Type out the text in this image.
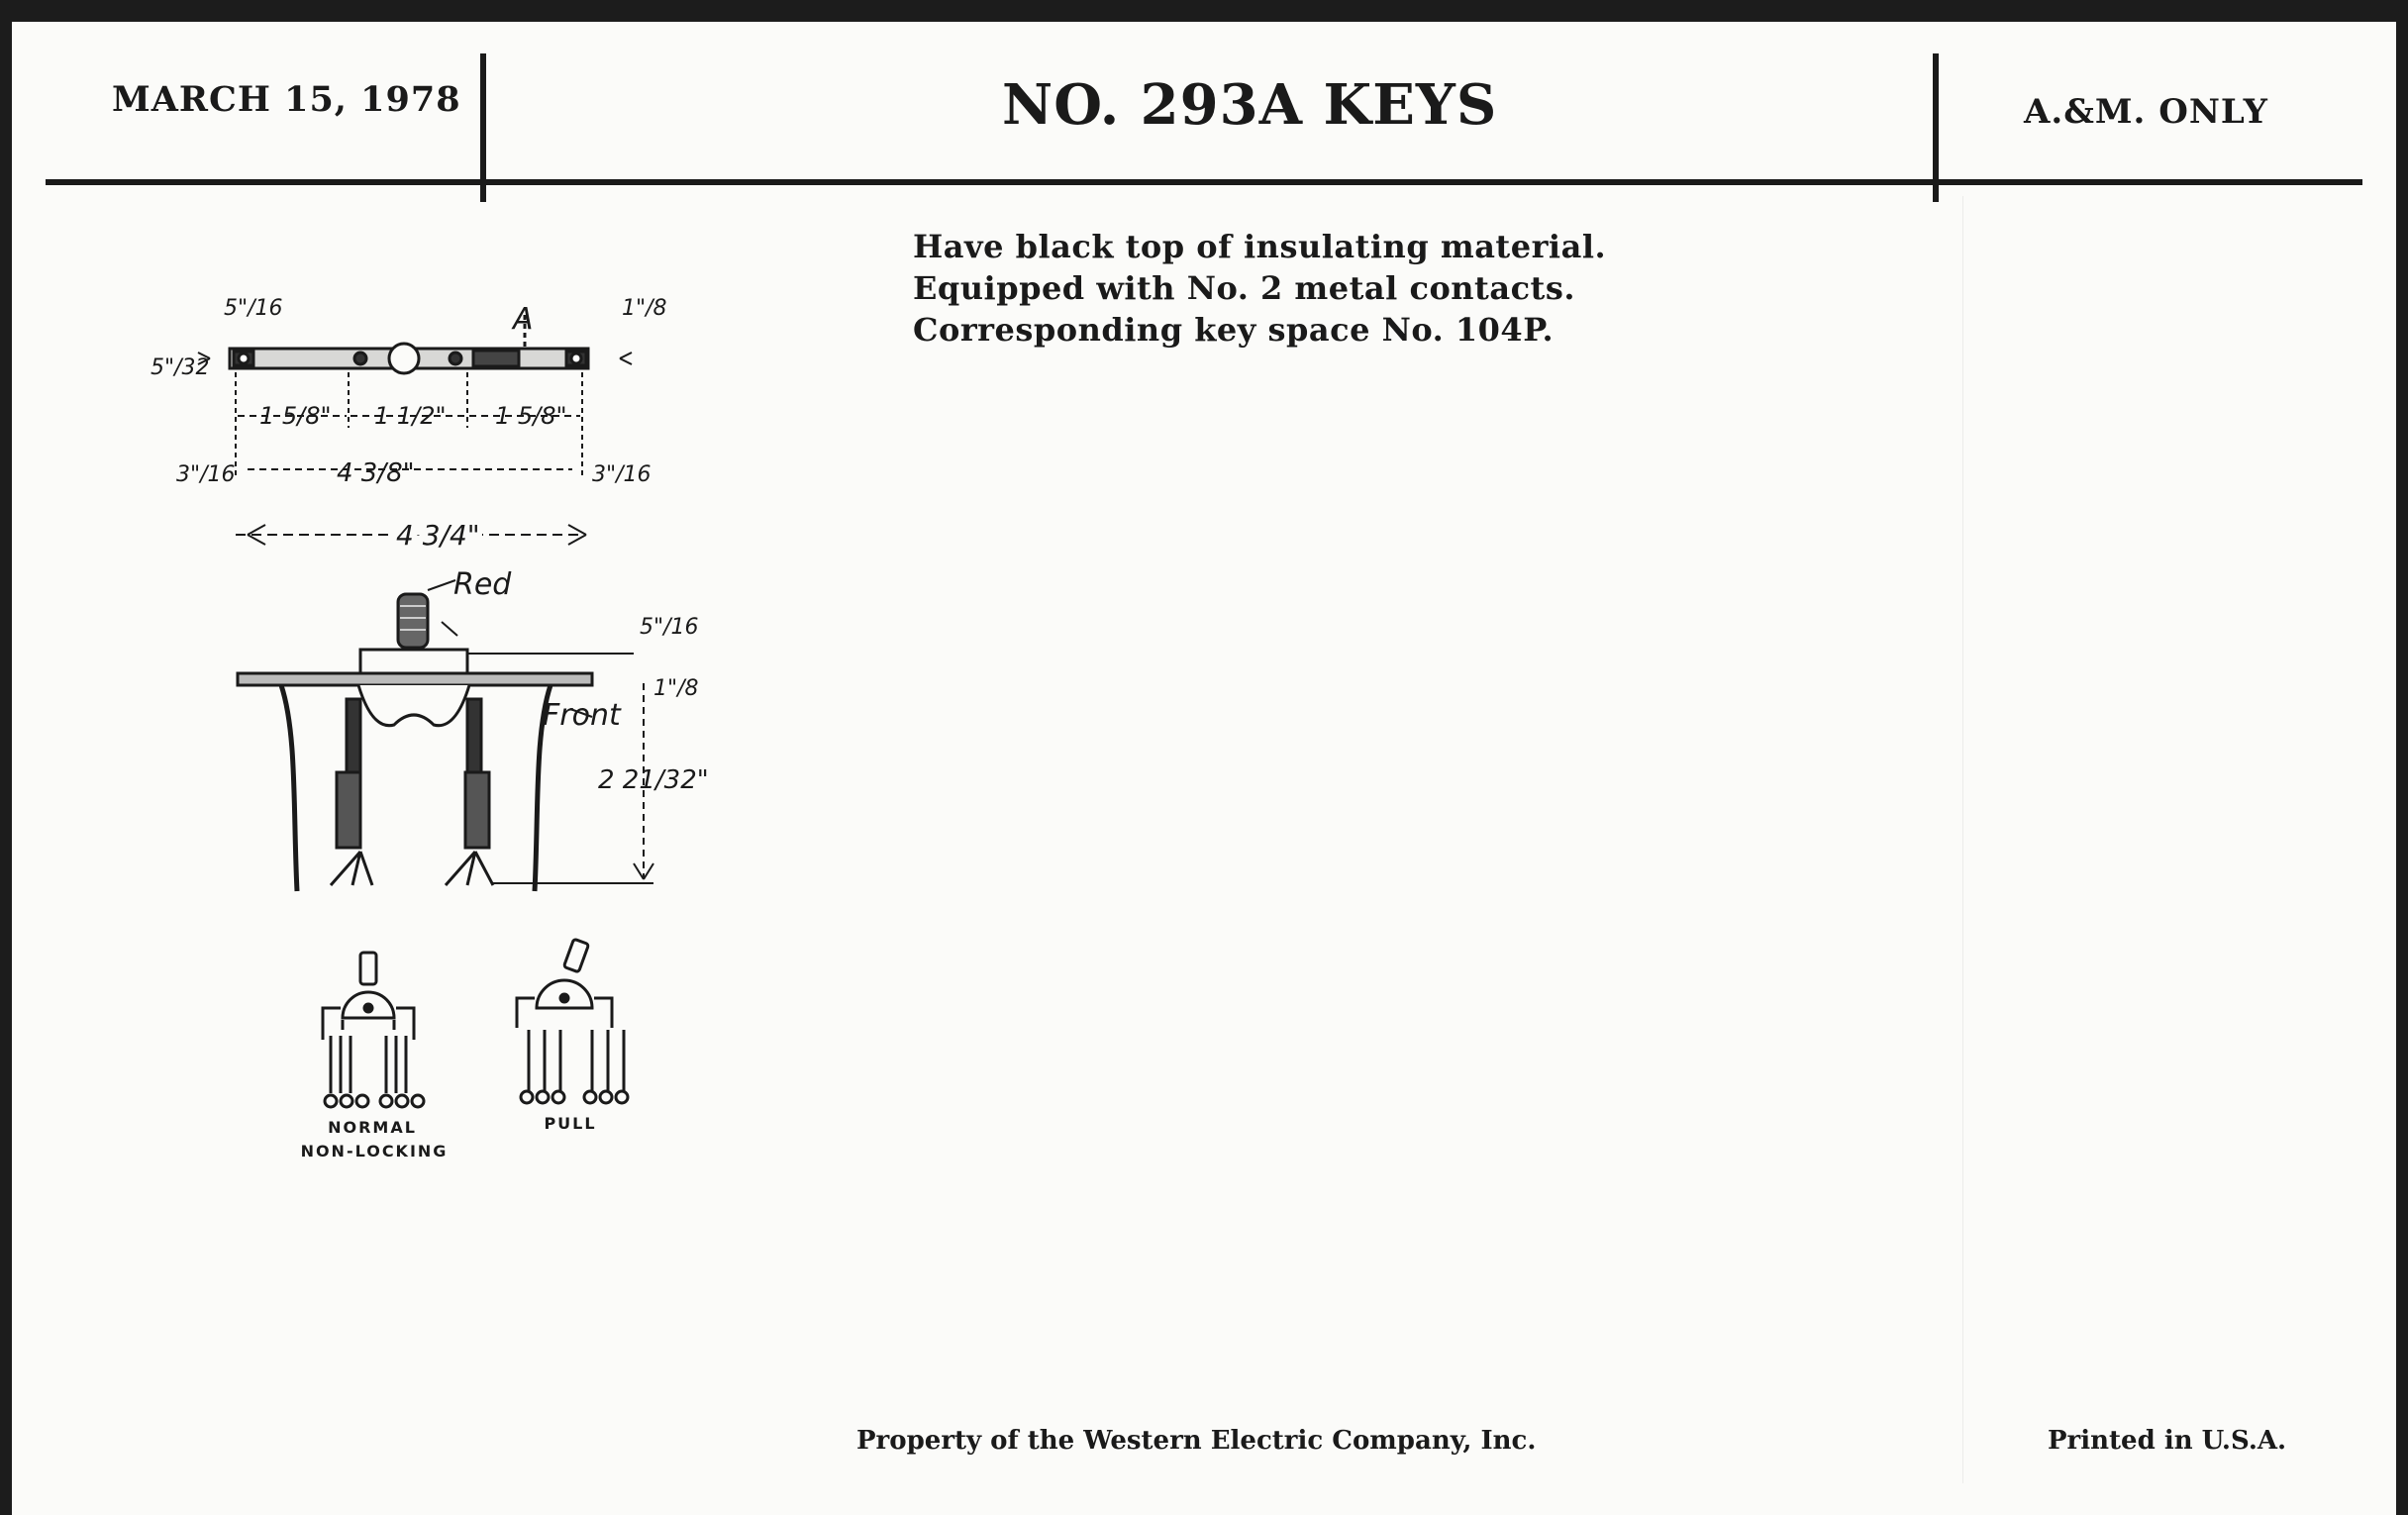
MARCH 15, 1978	NO. 293A KEYS	A.&M. ONLY
Have black top of insulating material.
Equipped with No. 2 metal contacts.
Corresponding key space No. 104P.
A
5"/32
5"/16	1"/8
1 5/8" 1 1/2" 1 5/8"
3"/16	4 3/8"	3"/16
4 3/4"
Red
Front
5"/16
1"/8
2 21/32"
NORMAL
NON-LOCKING
PULL
Property of the Western Electric Company, Inc.	Printed in U.S.A.
